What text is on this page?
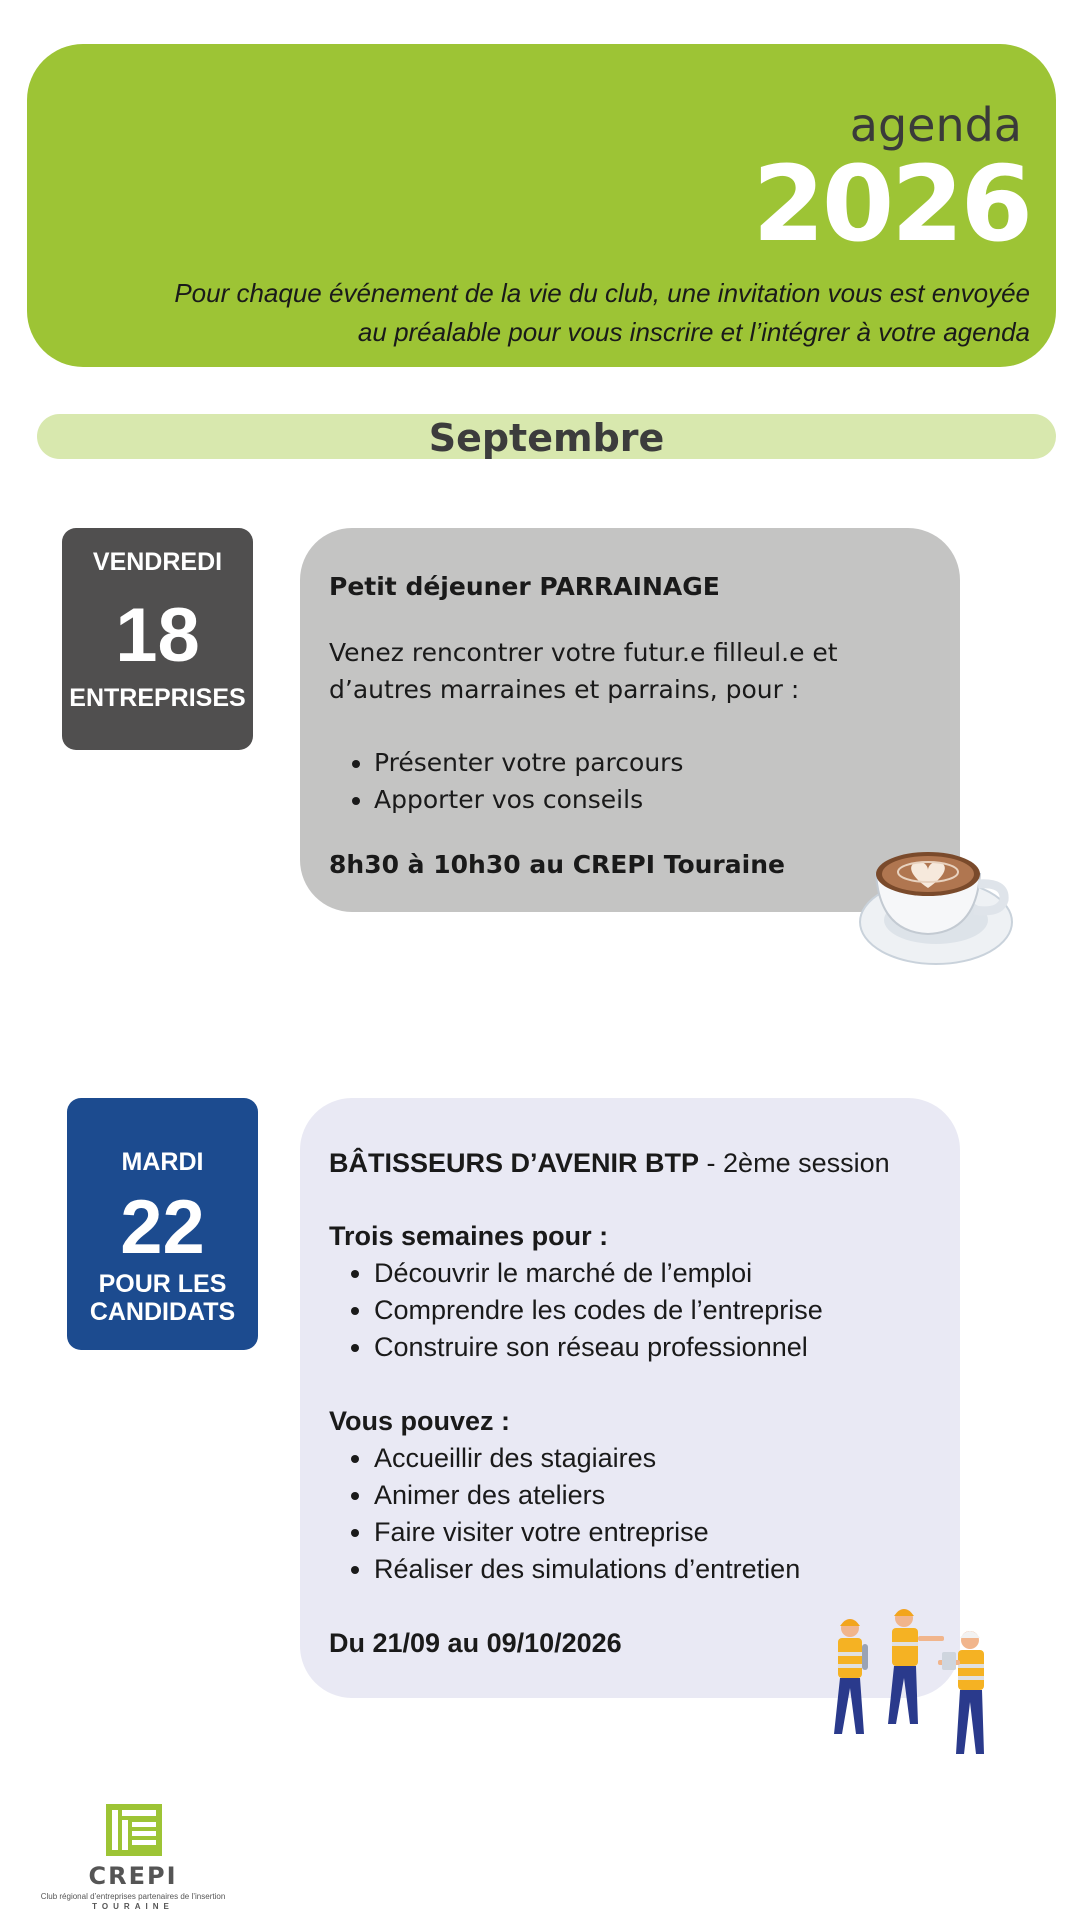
agenda
2026
Pour chaque événement de la vie du club, une invitation vous est envoyée
au préalable pour vous inscrire et l’intégrer à votre agenda
Septembre
VENDREDI
18
ENTREPRISES
Petit déjeuner PARRAINAGE

Venez rencontrer votre futur.e filleul.e et d’autres marraines et parrains, pour :

• Présenter votre parcours
• Apporter vos conseils

8h30 à 10h30 au CREPI Touraine

MARDI
22
POUR LES
CANDIDATS
BÂTISSEURS D’AVENIR BTP - 2ème session

Trois semaines pour :

• Découvrir le marché de l’emploi
• Comprendre les codes de l’entreprise
• Construire son réseau professionnel

Vous pouvez :

• Accueillir des stagiaires
• Animer des ateliers
• Faire visiter votre entreprise
• Réaliser des simulations d’entretien

Du 21/09 au 09/10/2026

CREPI
Club régional d’entreprises partenaires de l’insertion
TOURAINE
